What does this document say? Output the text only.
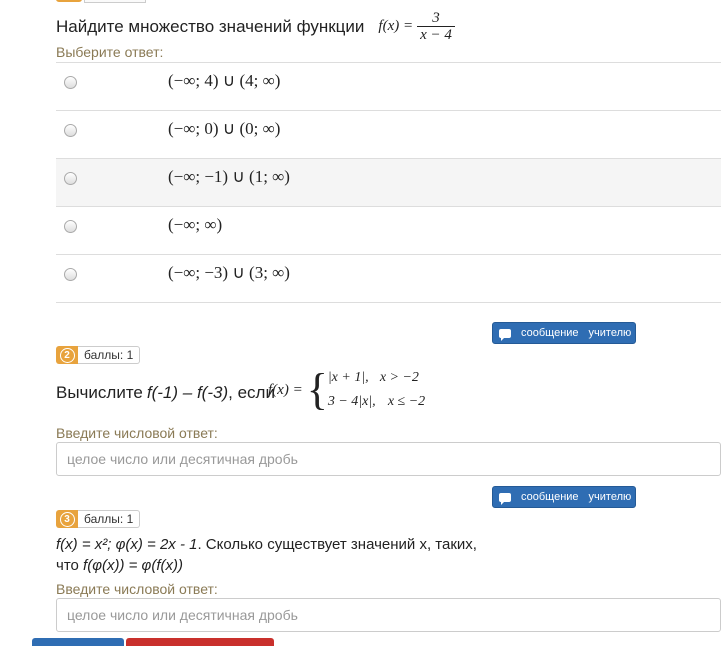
Найдите множество значений функции $f(x) = \frac{3}{x - 4}$
Выберите ответ:
(−∞; 4) ∪ (4; ∞)
(−∞; 0) ∪ (0; ∞)
(−∞; −1) ∪ (1; ∞)
(−∞; ∞)
(−∞; −3) ∪ (3; ∞)
сообщение учителю
2	баллы: 1
Вычислите f(-1) – f(-3) , если
f(x) = { |x + 1|, x > −2
3 − 4|x|, x ≤ −2
Введите числовой ответ:
целое число или десятичная дробь
сообщение учителю
3	баллы: 1
f(x) = x²; φ(x) = 2x - 1. Сколько существует значений x, таких,
что f(φ(x)) = φ(f(x))
Введите числовой ответ:
целое число или десятичная дробь
